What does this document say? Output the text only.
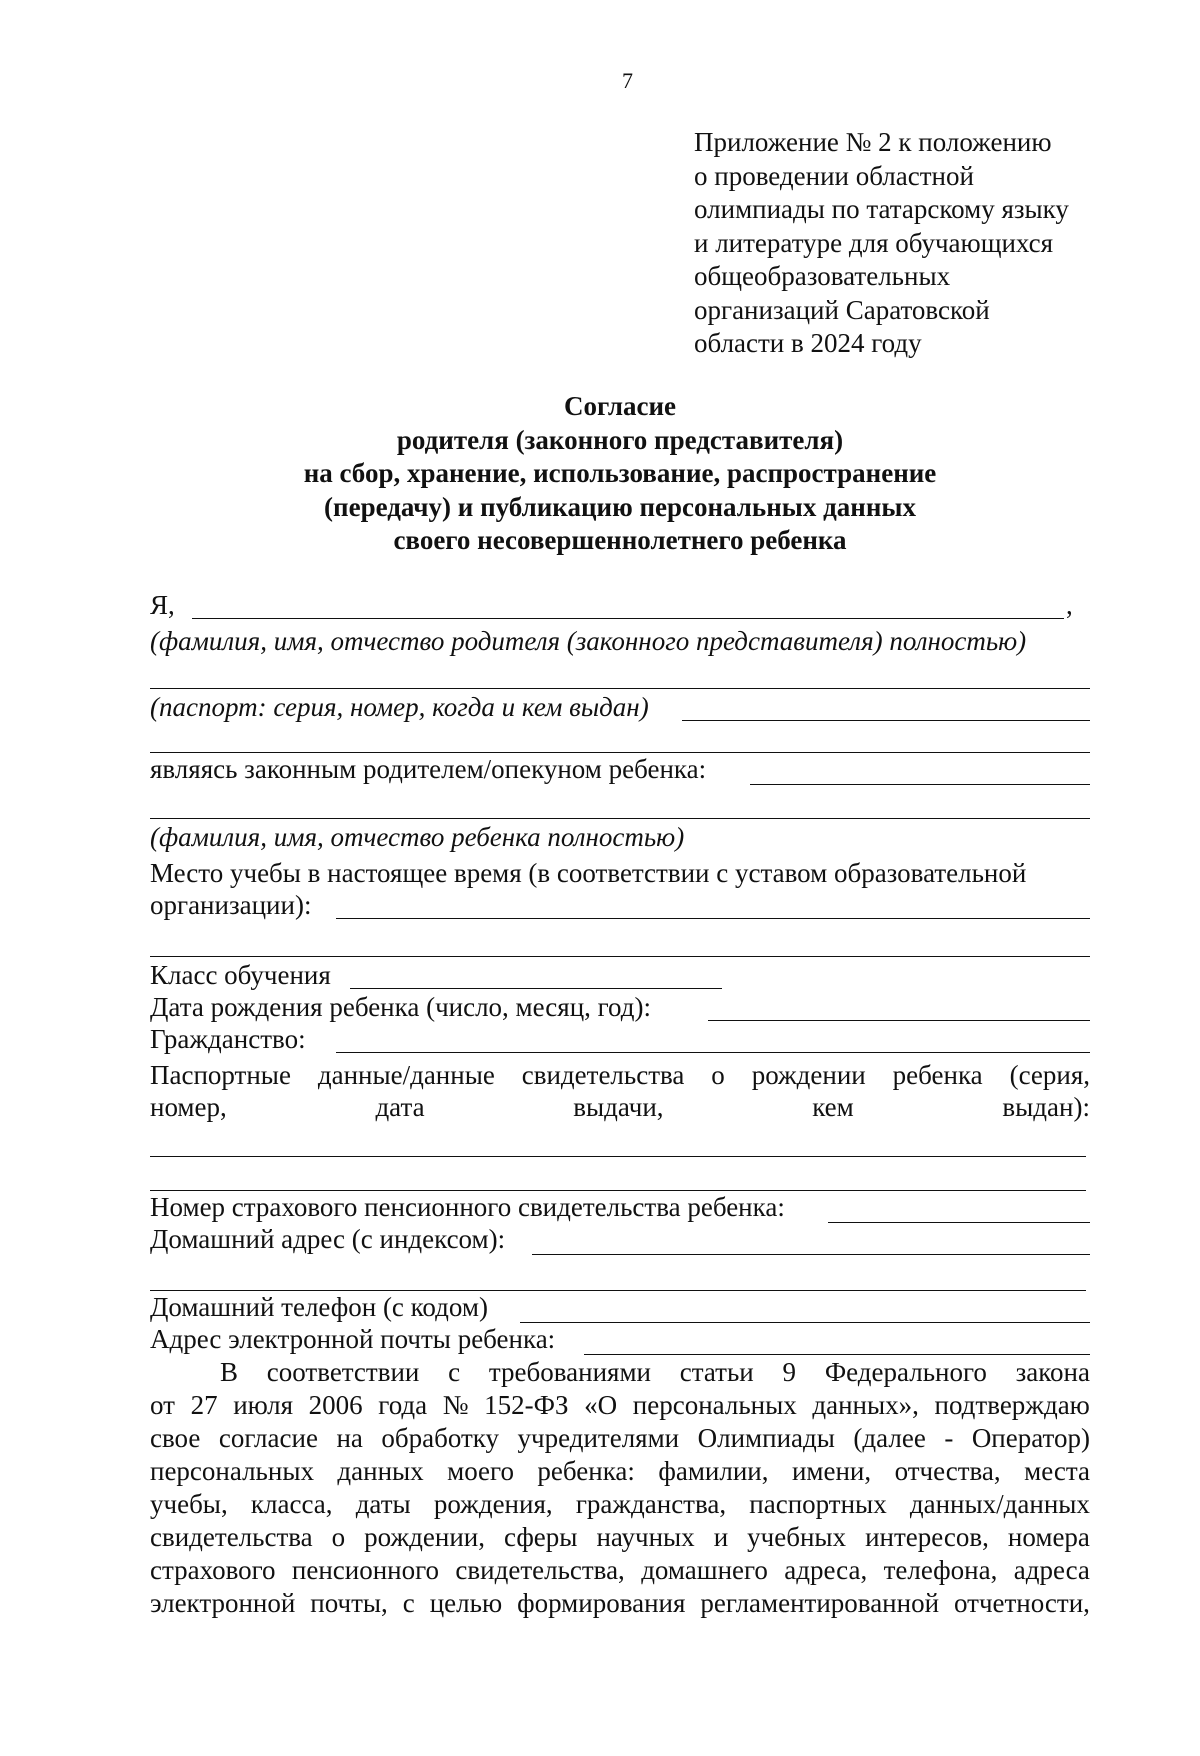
7
Приложение № 2 к положению
о проведении областной
олимпиады по татарскому языку
и литературе для обучающихся
общеобразовательных
организаций Саратовской
области в 2024 году
Согласие
родителя (законного представителя)
на сбор, хранение, использование, распространение
(передачу) и публикацию персональных данных
своего несовершеннолетнего ребенка
Я,	,
(фамилия, имя, отчество родителя (законного представителя) полностью)
(паспорт: серия, номер, когда и кем выдан)
являясь законным родителем/опекуном ребенка:
(фамилия, имя, отчество ребенка полностью)
Место учебы в настоящее время (в соответствии с уставом образовательной
организации):
Класс обучения
Дата рождения ребенка (число, месяц, год):
Гражданство:
Паспортные данные/данные свидетельства о рождении ребенка (серия,
номер,	дата	выдачи,	кем	выдан):
Номер страхового пенсионного свидетельства ребенка:
Домашний адрес (с индексом):
Домашний телефон (с кодом)
Адрес электронной почты ребенка:
В соответствии с требованиями статьи 9 Федерального закона
от 27 июля 2006 года № 152-ФЗ «О персональных данных», подтверждаю
свое согласие на обработку учредителями Олимпиады (далее - Оператор)
персональных данных моего ребенка: фамилии, имени, отчества, места
учебы, класса, даты рождения, гражданства, паспортных данных/данных
свидетельства о рождении, сферы научных и учебных интересов, номера
страхового пенсионного свидетельства, домашнего адреса, телефона, адреса
электронной почты, с целью формирования регламентированной отчетности,
